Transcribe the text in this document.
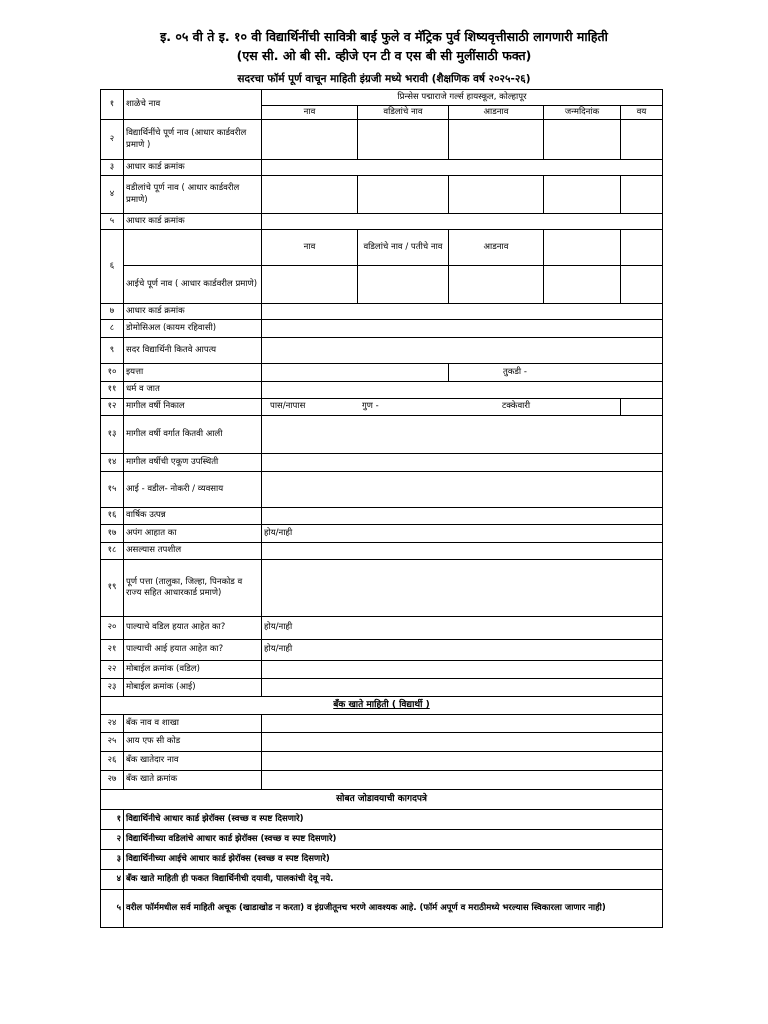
इ. ०५ वी ते इ. १० वी विद्यार्थिनींची सावित्री बाई फुले व मॅट्रिक पुर्व शिष्यवृत्तीसाठी लागणारी माहिती
(एस सी. ओ बी सी. व्हीजे एन टी व एस बी सी मुलींसाठी फक्त)
सदरचा फॉर्म पूर्ण वाचून माहिती इंग्रजी मध्ये भरावी (शैक्षणिक वर्ष २०२५-२६)
१	शाळेचे नाव	प्रिन्सेस पद्माराजे गर्ल्स हायस्कूल, कोल्हापूर				
		नाव	वडिलांचे नाव	आडनाव	जन्मदिनांक	वय
२	विद्यार्थिनींचे पूर्ण नाव (आधार कार्डवरील प्रमाणे )					
३	आधार कार्ड क्रमांक					
४	वडीलांचे पूर्ण नाव ( आधार कार्डवरील प्रमाणे)					
५	आधार कार्ड क्रमांक					
६		नाव	वडिलांचे नाव / पतीचे नाव	आडनाव		
	आईचे पूर्ण नाव ( आधार कार्डवरील प्रमाणे)					
७	आधार कार्ड क्रमांक					
८	डोमोसिअल (कायम रहिवासी)					
९	सदर विद्यार्थिनी कितवे आपत्य					
१०	इयत्ता			तुकडी -		
११	धर्म व जात					
१२	मागील वर्षी निकाल	पास/नापास गुण - टक्केवारी				
१३	मागील वर्षी वर्गात कितवी आली					
१४	मागील वर्षीची एकूण उपस्थिती					
१५	आई - वडील- नोकरी / व्यवसाय					
१६	वार्षिक उत्पन्न					
१७	अपंग आहात का	होय/नाही				
१८	असल्यास तपशील					
१९	पूर्ण पत्ता (तालुका, जिल्हा, पिनकोड व राज्य सहित आधारकार्ड प्रमाणे)					
२०	पाल्याचे वडिल हयात आहेत का?	होय/नाही				
२१	पाल्याची आई हयात आहेत का?	होय/नाही				
२२	मोबाईल क्रमांक (वडिल)					
२३	मोबाईल क्रमांक (आई)					
बँक खाते माहिती ( विद्यार्थी )						
२४	बँक नाव व शाखा					
२५	आय एफ सी कोड					
२६	बँक खातेदार नाव					
२७	बँक खाते क्रमांक					
सोबत जोडावयाची कागदपत्रे						
१	विद्यार्थिनीचे आधार कार्ड झेरॉक्स (स्वच्छ व स्पष्ट दिसणारे)					
२	विद्यार्थिनीच्या वडिलांचे आधार कार्ड झेरॉक्स (स्वच्छ व स्पष्ट दिसणारे)					
३	विद्यार्थिनीच्या आईचे आधार कार्ड झेरॉक्स (स्वच्छ व स्पष्ट दिसणारे)					
४	बँक खाते माहिती ही फकत विद्यार्थिनीची दयावी, पालकांची देवू नये.					
५	वरील फॉर्ममधील सर्व माहिती अचूक (खाडाखोड न करता) व इंग्रजीतूनच भरणे आवश्यक आहे. (फॉर्म अपूर्ण व मराठीमध्ये भरल्यास स्विकारला जाणार नाही)					
